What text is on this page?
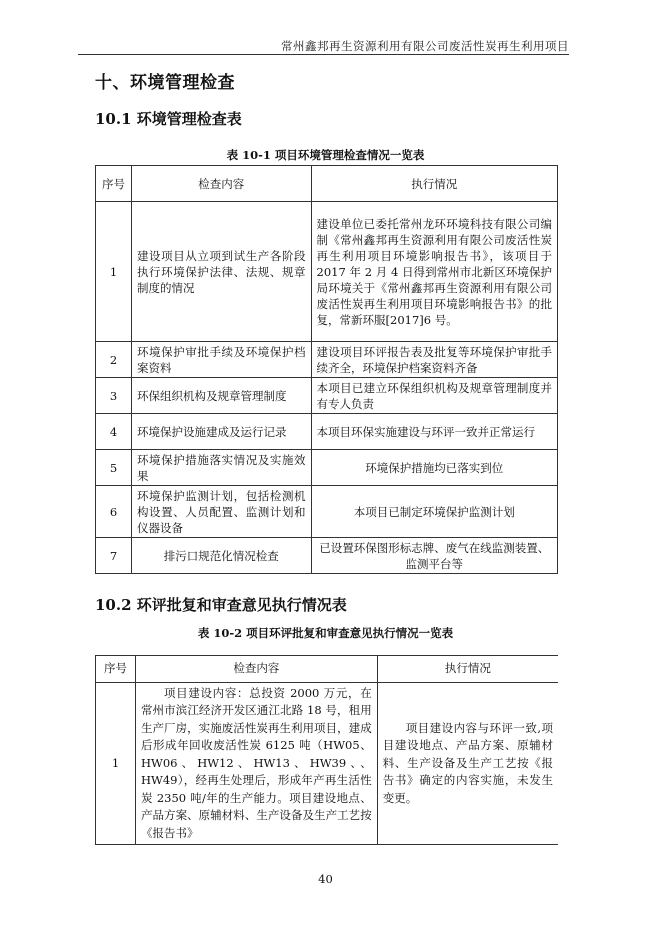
常州鑫邦再生资源利用有限公司废活性炭再生利用项目
十、环境管理检查
10.1 环境管理检查表
表 10-1 项目环境管理检查情况一览表
序号	检查内容	执行情况
1	建设项目从立项到试生产各阶段执行环境保护法律、法规、规章制度的情况	建设单位已委托常州龙环环境科技有限公司编制《常州鑫邦再生资源利用有限公司废活性炭再生利用项目环境影响报告书》，该项目于 2017 年 2 月 4 日得到常州市北新区环境保护局环境关于《常州鑫邦再生资源利用有限公司废活性炭再生利用项目环境影响报告书》的批复，常新环服[2017]6 号。
2	环境保护审批手续及环境保护档案资料	建设项目环评报告表及批复等环境保护审批手续齐全，环境保护档案资料齐备
3	环保组织机构及规章管理制度	本项目已建立环保组织机构及规章管理制度并有专人负责
4	环境保护设施建成及运行记录	本项目环保实施建设与环评一致并正常运行
5	环境保护措施落实情况及实施效果	环境保护措施均已落实到位
6	环境保护监测计划，包括检测机构设置、人员配置、监测计划和仪器设备	本项目已制定环境保护监测计划
7	排污口规范化情况检查	已设置环保图形标志牌、废气在线监测装置、监测平台等
10.2 环评批复和审查意见执行情况表
表 10-2 项目环评批复和审查意见执行情况一览表
序号	检查内容	执行情况
1	项目建设内容：总投资 2000 万元，在常州市滨江经济开发区通江北路 18 号，租用生产厂房，实施废活性炭再生利用项目，建成后形成年回收废活性炭 6125 吨（HW05、HW06、HW12、HW13、HW39、、HW49），经再生处理后，形成年产再生活性炭 2350 吨/年的生产能力。项目建设地点、产品方案、原辅材料、生产设备及生产工艺按《报告书》	项目建设内容与环评一致,项目建设地点、产品方案、原辅材料、生产设备及生产工艺按《报告书》确定的内容实施，未发生变更。
40
